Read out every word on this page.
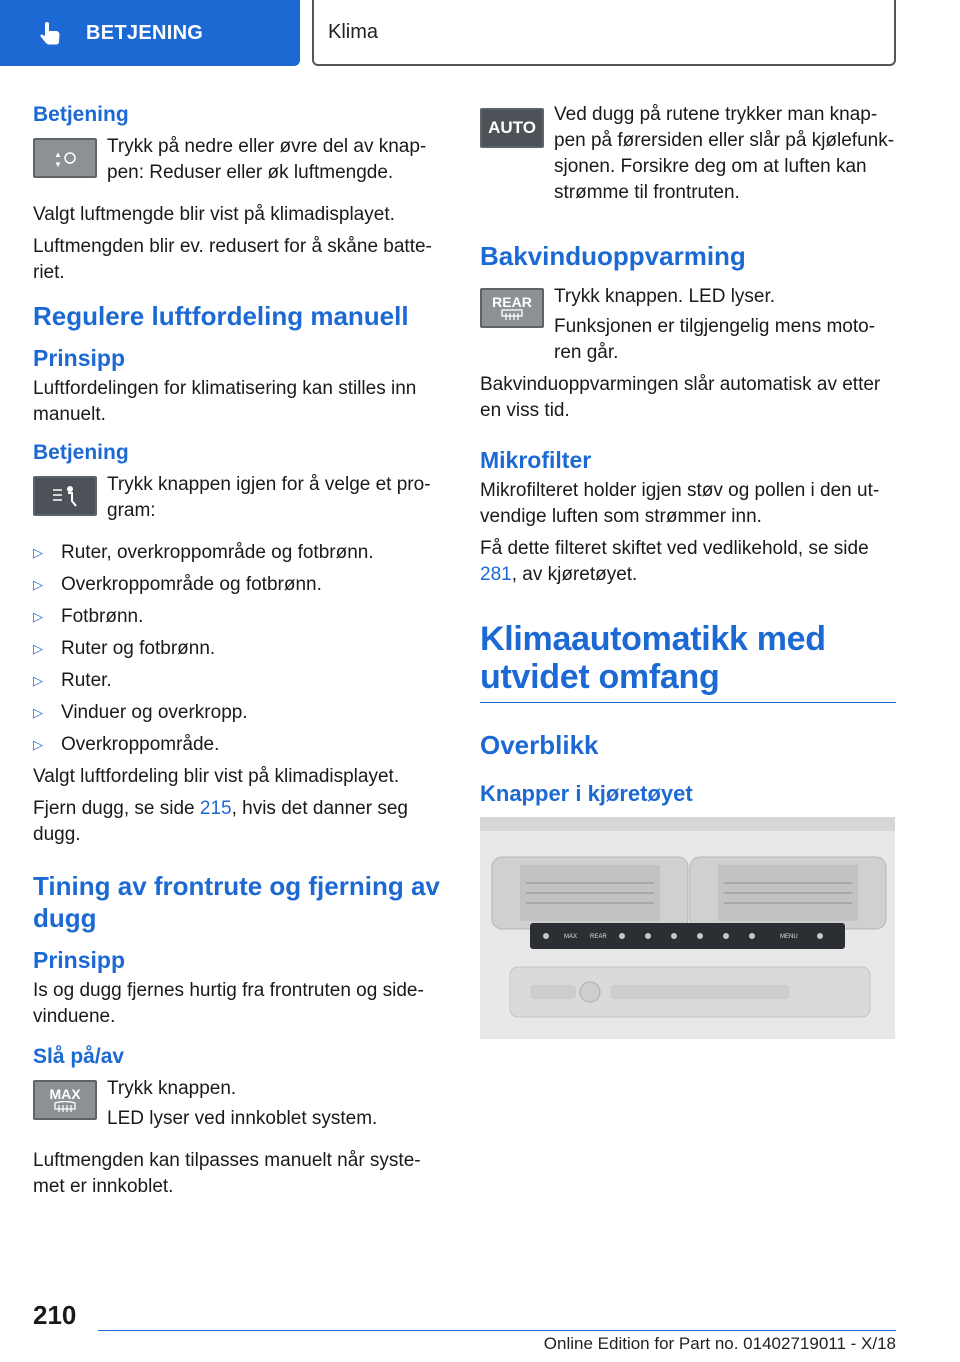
BETJENING	Klima
Betjening
▲
▼

Trykk på nedre eller øvre del av knap-pen: Reduser eller øk luftmengde.

Valgt luftmengde blir vist på klimadisplayet.

Luftmengden blir ev. redusert for å skåne batte-riet.

Regulere luftfordeling manuell
Prinsipp

Luftfordelingen for klimatisering kan stilles inn manuelt.

Betjening

Trykk knappen igjen for å velge et pro-gram:

▷ Ruter, overkroppområde og fotbrønn.
▷ Overkroppområde og fotbrønn.
▷ Fotbrønn.
▷ Ruter og fotbrønn.
▷ Ruter.
▷ Vinduer og overkropp.
▷ Overkroppområde.

Valgt luftfordeling blir vist på klimadisplayet.

Fjern dugg, se side 215, hvis det danner seg dugg.

Tining av frontrute og fjerning av dugg
Prinsipp

Is og dugg fjernes hurtig fra frontruten og side-vinduene.

Slå på/av
MAX Trykk knappen.

LED lyser ved innkoblet system.

Luftmengden kan tilpasses manuelt når syste-met er innkoblet.

AUTO

Ved dugg på rutene trykker man knap-pen på førersiden eller slår på kjølefunk-sjonen. Forsikre deg om at luften kan strømme til frontruten.

Bakvinduoppvarming
REAR Trykk knappen. LED lyser.

Funksjonen er tilgjengelig mens moto-ren går.

Bakvinduoppvarmingen slår automatisk av etter en viss tid.

Mikrofilter

Mikrofilteret holder igjen støv og pollen i den ut-vendige luften som strømmer inn.

Få dette filteret skiftet ved vedlikehold, se side 281, av kjøretøyet.

Klimaautomatikk med utvidet omfang
Overblikk
Knapper i kjøretøyet
MAX REAR	MENU
210
Online Edition for Part no. 01402719011 - X/18
